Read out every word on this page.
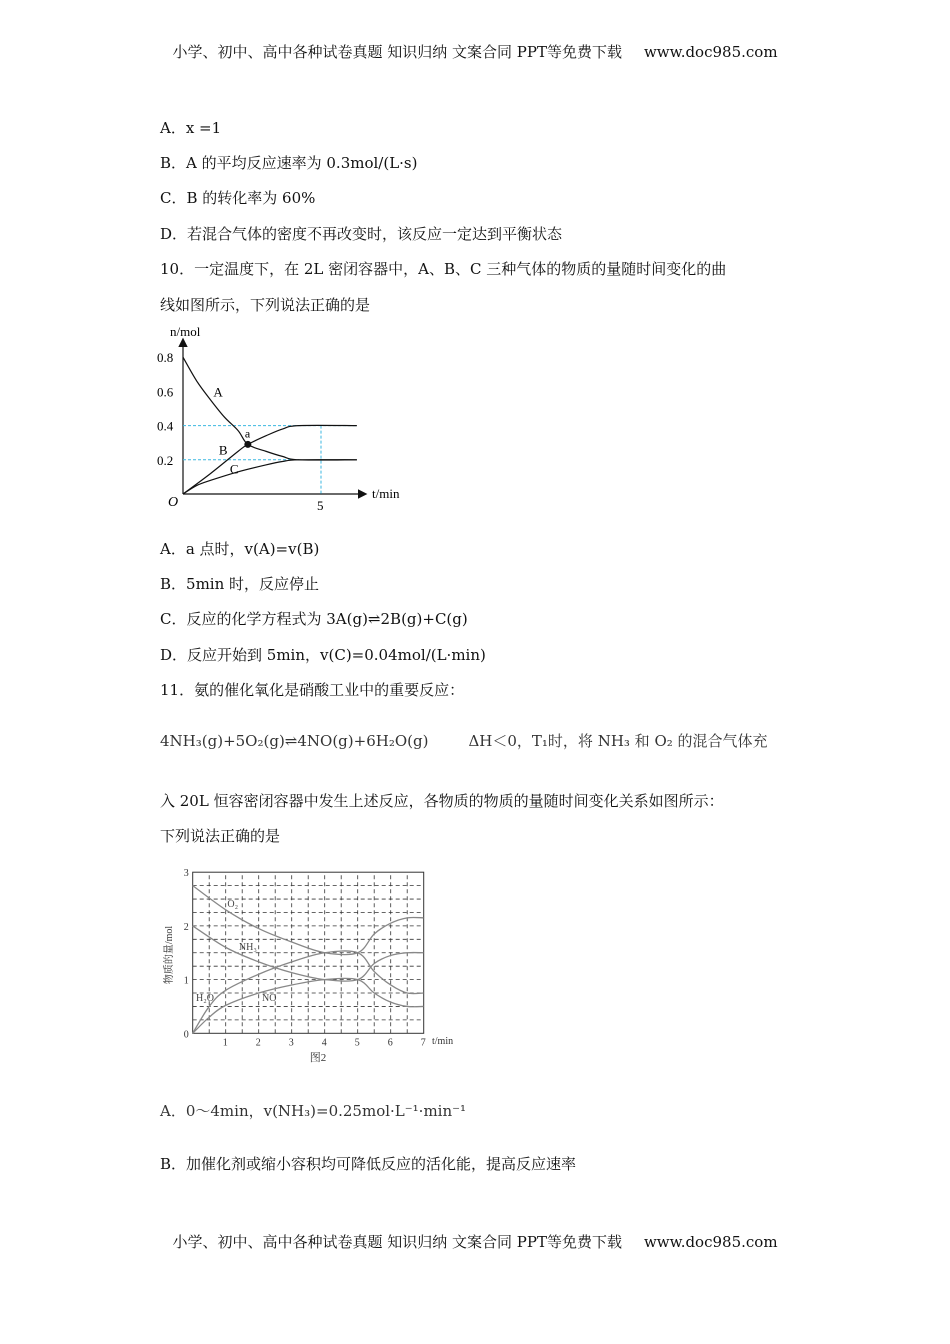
小学、初中、高中各种试卷真题 知识归纳 文案合同 PPT等免费下载 www.doc985.com
A．x =1
B．A 的平均反应速率为 0.3mol/(L·s)
C．B 的转化率为 60%
D．若混合气体的密度不再改变时，该反应一定达到平衡状态
10．一定温度下，在 2L 密闭容器中，A、B、C 三种气体的物质的量随时间变化的曲
线如图所示，下列说法正确的是
0.2
0.4
0.6
0.8
5
A
B
C
a
n/mol
t/min
O
A．a 点时，v(A)=v(B)
B．5min 时，反应停止
C．反应的化学方程式为 3A(g)⇌2B(g)+C(g)
D．反应开始到 5min，v(C)=0.04mol/(L·min)
11．氨的催化氧化是硝酸工业中的重要反应：
4NH₃(g)+5O₂(g)⇌4NO(g)+6H₂O(g)	ΔH＜0，T₁时，将 NH₃ 和 O₂ 的混合气体充
入 20L 恒容密闭容器中发生上述反应，各物质的物质的量随时间变化关系如图所示：
下列说法正确的是
0
1
2
3
1	2	3	4	5	6	7
O₂
NH₃
H₂O	NO
物质的量/mol
t/min
图2
A．0～4min，v(NH₃)=0.25mol·L⁻¹·min⁻¹
B．加催化剂或缩小容积均可降低反应的活化能，提高反应速率
小学、初中、高中各种试卷真题 知识归纳 文案合同 PPT等免费下载 www.doc985.com
